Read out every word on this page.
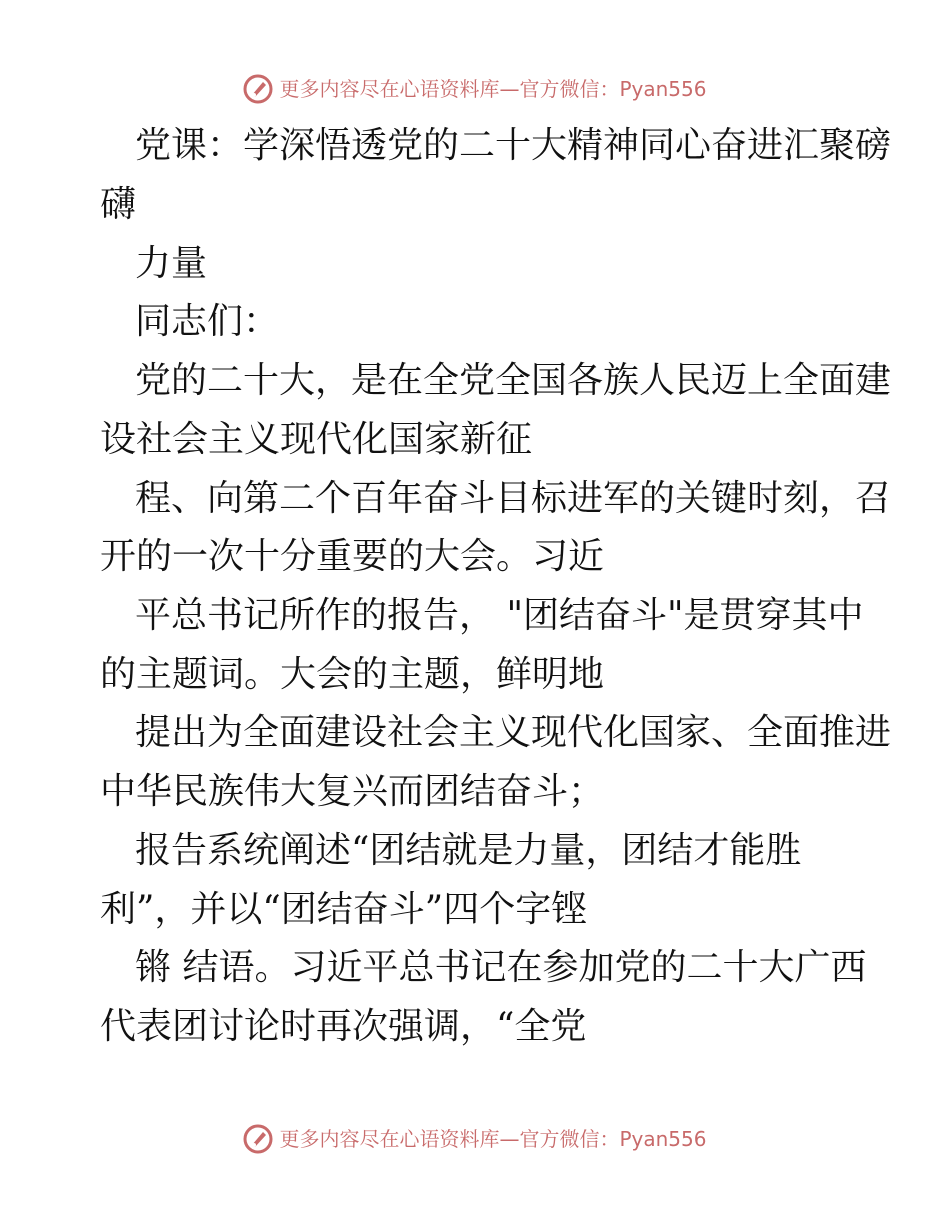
更多内容尽在心语资料库—官方微信：Pyan556
党课：学深悟透党的二十大精神同心奋进汇聚磅
礴
力量
同志们：
党的二十大，是在全党全国各族人民迈上全面建
设社会主义现代化国家新征
程、向第二个百年奋斗目标进军的关键时刻，召
开的一次十分重要的大会。习近
平总书记所作的报告， "团结奋斗"是贯穿其中
的主题词。大会的主题，鲜明地
提出为全面建设社会主义现代化国家、全面推进
中华民族伟大复兴而团结奋斗；
报告系统阐述“团结就是力量，团结才能胜
利”，并以“团结奋斗”四个字铿
锵 结语。习近平总书记在参加党的二十大广西
代表团讨论时再次强调，“全党
更多内容尽在心语资料库—官方微信：Pyan556
